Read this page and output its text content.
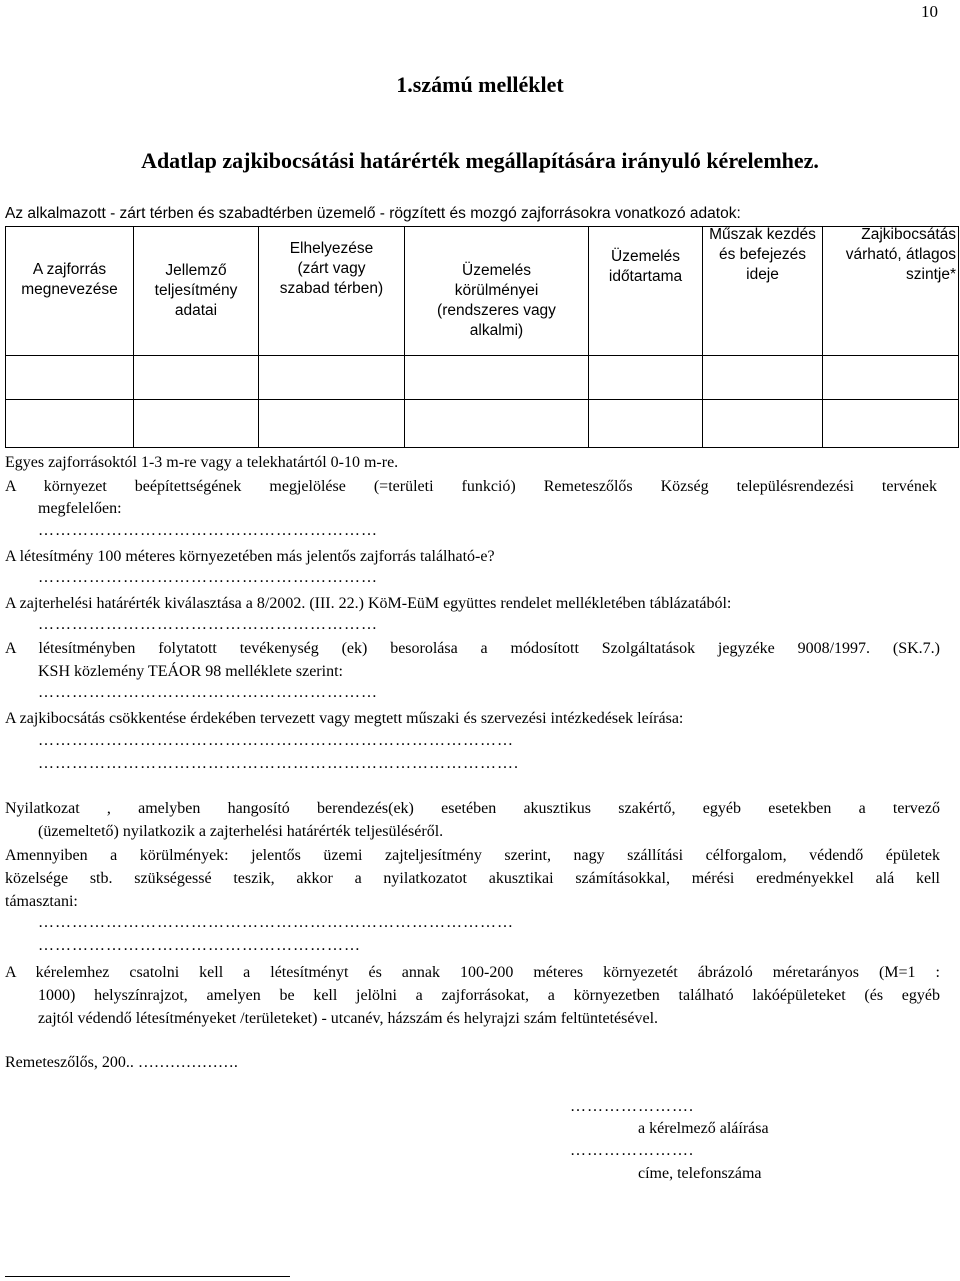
10
1.számú melléklet
Adatlap zajkibocsátási határérték megállapítására irányuló kérelemhez.
Az alkalmazott - zárt térben és szabadtérben üzemelő - rögzített és mozgó zajforrásokra vonatkozó adatok:
A zajforrás megnevezése	Jellemző teljesítmény adatai	Elhelyezése (zárt vagy szabad térben)	Üzemelés körülményei (rendszeres vagy alkalmi)	Üzemelés időtartama	Műszak kezdés és befejezés ideje	Zajkibocsátás várható, átlagos szintje*

Egyes zajforrásoktól 1-3 m-re vagy a telekhatártól 0-10 m-re.
A környezet beépítettségének megjelölése (=területi funkció) Remeteszőlős Község településrendezési tervének
megfelelően:
……………………………………………………
A létesítmény 100 méteres környezetében más jelentős zajforrás található-e?
……………………………………………………
A zajterhelési határérték kiválasztása a 8/2002. (III. 22.) KöM-EüM együttes rendelet mellékletében táblázatából:
……………………………………………………
A létesítményben folytatott tevékenység (ek) besorolása a módosított Szolgáltatások jegyzéke 9008/1997. (SK.7.)
KSH közlemény TEÁOR 98 melléklete szerint:
……………………………………………………
A zajkibocsátás csökkentése érdekében tervezett vagy megtett műszaki és szervezési intézkedések leírása:
…………………………………………………………………………
………………………………………………………………………….
Nyilatkozat , amelyben hangosító berendezés(ek) esetében akusztikus szakértő, egyéb esetekben a tervező
(üzemeltető) nyilatkozik a zajterhelési határérték teljesüléséről.
Amennyiben a körülmények: jelentős üzemi zajteljesítmény szerint, nagy szállítási célforgalom, védendő épületek
közelsége stb. szükségessé teszik, akkor a nyilatkozatot akusztikai számításokkal, mérési eredményekkel alá kell
támasztani:
…………………………………………………………………………
…………………………………………………
A kérelemhez csatolni kell a létesítményt és annak 100-200 méteres környezetét ábrázoló méretarányos (M=1 :
1000) helyszínrajzot, amelyen be kell jelölni a zajforrásokat, a környezetben található lakóépületeket (és egyéb
zajtól védendő létesítményeket /területeket) - utcanév, házszám és helyrajzi szám feltüntetésével.
Remeteszőlős, 200.. ……………….
………………….
a kérelmező aláírása
………………….
címe, telefonszáma
